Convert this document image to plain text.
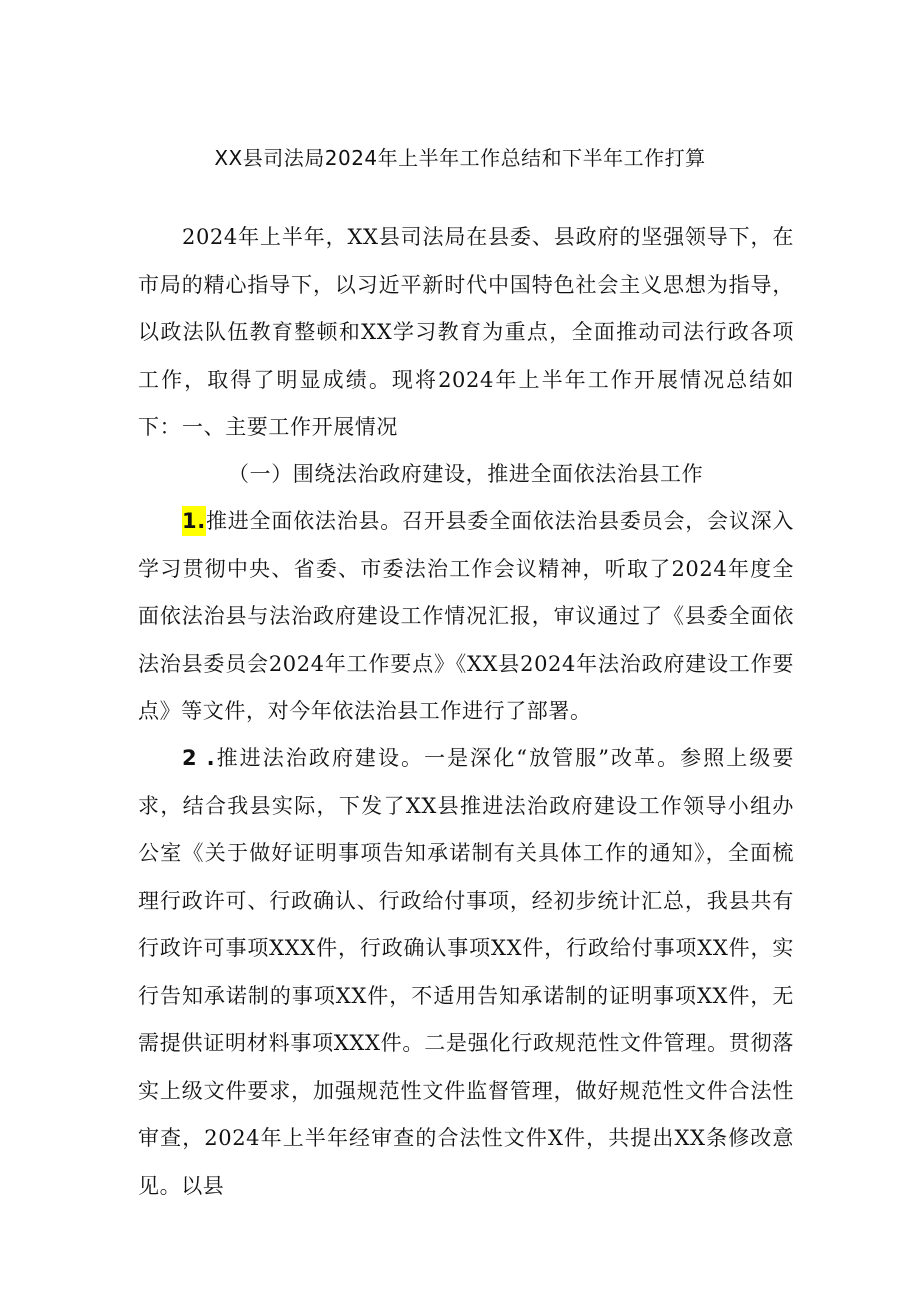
XX县司法局2024年上半年工作总结和下半年工作打算
2024年上半年，XX县司法局在县委、县政府的坚强领导下，在市局的精心指导下，以习近平新时代中国特色社会主义思想为指导，以政法队伍教育整顿和XX学习教育为重点，全面推动司法行政各项工作，取得了明显成绩。现将2024年上半年工作开展情况总结如下： 一、主要工作开展情况
（一）围绕法治政府建设，推进全面依法治县工作
1.推进全面依法治县。召开县委全面依法治县委员会，会议深入学习贯彻中央、省委、市委法治工作会议精神，听取了2024年度全面依法治县与法治政府建设工作情况汇报，审议通过了《县委全面依法治县委员会2024年工作要点》《XX县2024年法治政府建设工作要点》等文件，对今年依法治县工作进行了部署。
2 .推进法治政府建设。一是深化“放管服”改革。参照上级要求，结合我县实际，下发了XX县推进法治政府建设工作领导小组办公室《关于做好证明事项告知承诺制有关具体工作的通知》，全面梳理行政许可、行政确认、行政给付事项，经初步统计汇总，我县共有行政许可事项XXX件，行政确认事项XX件，行政给付事项XX件，实行告知承诺制的事项XX件，不适用告知承诺制的证明事项XX件，无需提供证明材料事项XXX件。二是强化行政规范性文件管理。贯彻落实上级文件要求，加强规范性文件监督管理，做好规范性文件合法性审查，2024年上半年经审查的合法性文件X件，共提出XX条修改意见。以县
